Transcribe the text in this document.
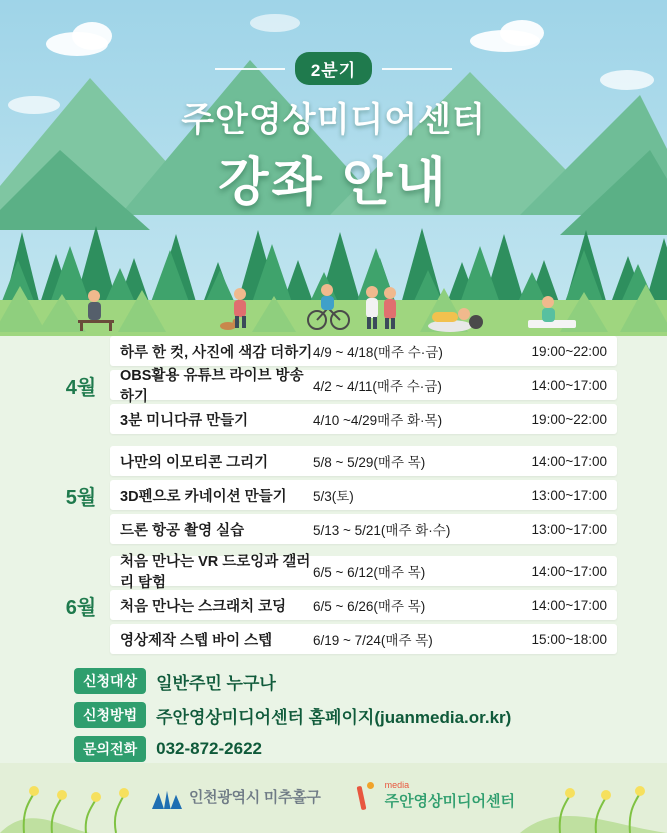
2분기
주안영상미디어센터
강좌 안내
4월
하루 한 컷, 사진에 색감 더하기 4/9 ~ 4/18(매주 수·금)	19:00~22:00
OBS활용 유튜브 라이브 방송하기
4/2 ~ 4/11(매주 수·금)	14:00~17:00
3분 미니다큐 만들기	4/10 ~4/29매주 화·목)	19:00~22:00
5월
나만의 이모티콘 그리기	5/8 ~ 5/29(매주 목)	14:00~17:00
3D펜으로 카네이션 만들기	5/3(토)	13:00~17:00
드론 항공 촬영 실습	5/13 ~ 5/21(매주 화·수)	13:00~17:00
6월
처음 만나는 VR 드로잉과 갤러리 탐험
6/5 ~ 6/12(매주 목)	14:00~17:00
처음 만나는 스크래치 코딩	6/5 ~ 6/26(매주 목)	14:00~17:00
영상제작 스텝 바이 스텝	6/19 ~ 7/24(매주 목)	15:00~18:00
신청대상	일반주민 누구나
신청방법	주안영상미디어센터 홈페이지(juanmedia.or.kr)
문의전화	032-872-2622
인천광역시 미추홀구
media
주안영상미디어센터
